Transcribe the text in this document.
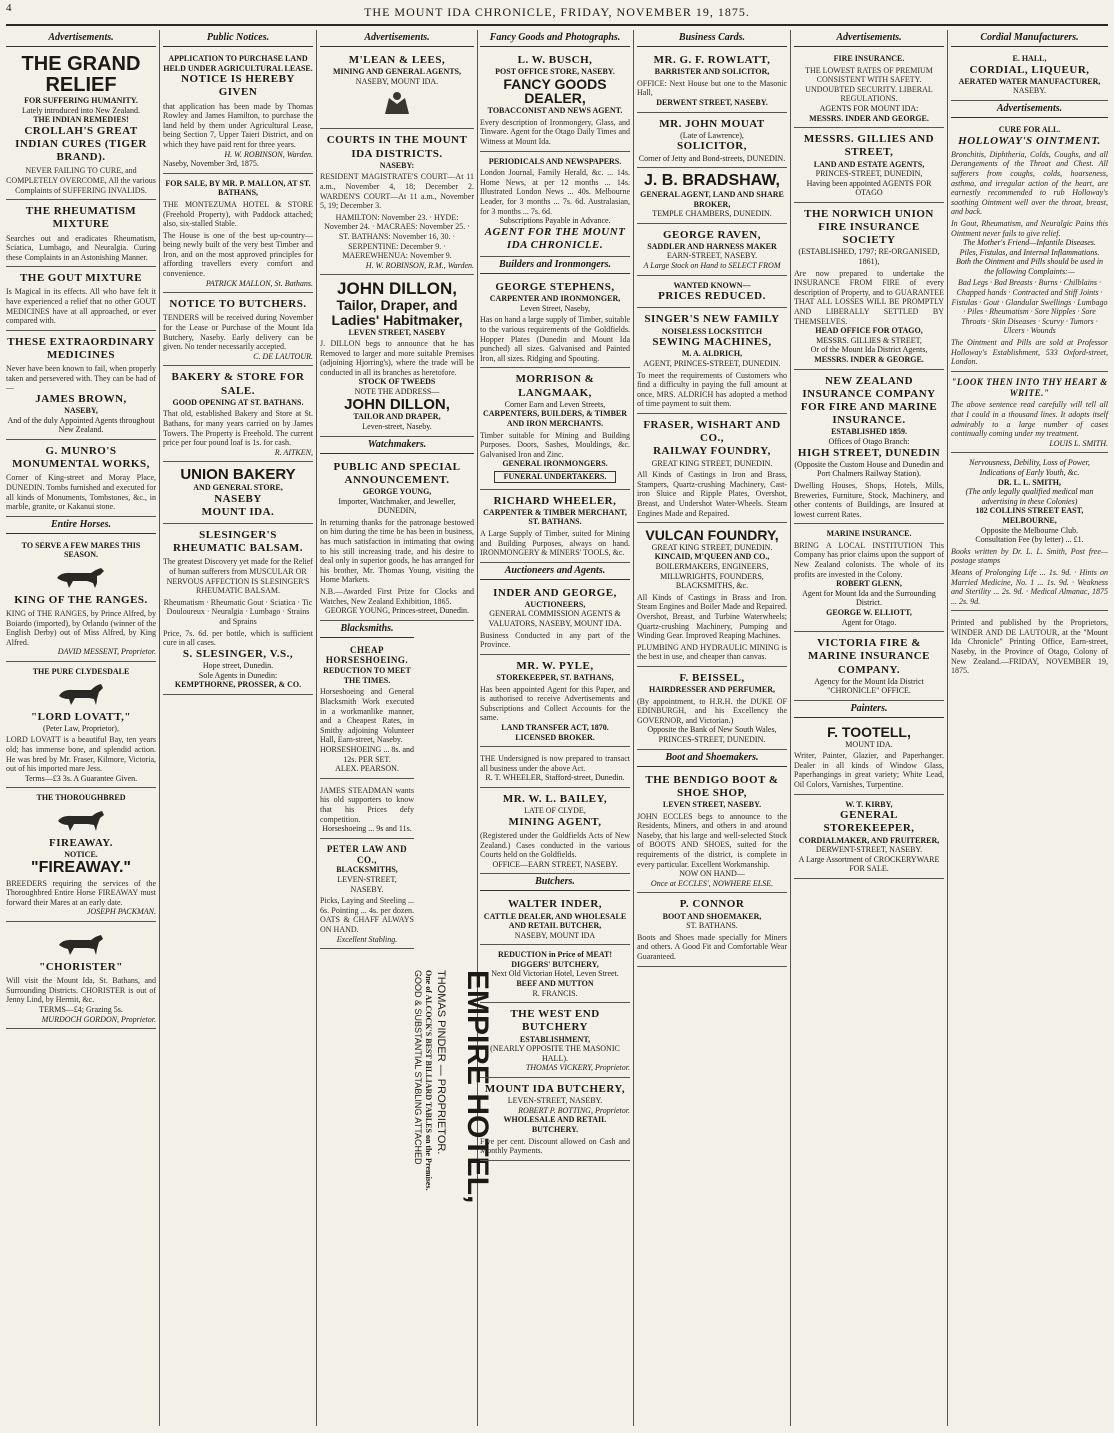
4	THE MOUNT IDA CHRONICLE, FRIDAY, NOVEMBER 19, 1875.
Advertisements.
THE GRAND RELIEF
FOR SUFFERING HUMANITY.
Lately introduced into New Zealand.
THE INDIAN REMEDIES!
CROLLAH'S GREAT INDIAN CURES (TIGER BRAND).
NEVER FAILING TO CURE, and COMPLETELY OVERCOME, All the various Complaints of SUFFERING INVALIDS.
THE RHEUMATISM MIXTURE
Searches out and eradicates Rheumatism, Sciatica, Lumbago, and Neuralgia. Curing these Complaints in an Astonishing Manner.
THE GOUT MIXTURE
Is Magical in its effects. All who have felt it have experienced a relief that no other GOUT MEDICINES have at all approached, or ever compared with.
THESE EXTRAORDINARY MEDICINES
Never have been known to fail, when properly taken and persevered with. They can be had of—
JAMES BROWN,
NASEBY,
And of the duly Appointed Agents throughout New Zealand.
G. MUNRO'S MONUMENTAL WORKS,
Corner of King-street and Moray Place, DUNEDIN. Tombs furnished and executed for all kinds of Monuments, Tombstones, &c., in marble, granite, or Kakanui stone.
Entire Horses.
TO SERVE A FEW MARES THIS SEASON.
KING OF THE RANGES.
KING of THE RANGES, by Prince Alfred, by Boiardo (imported), by Orlando (winner of the English Derby) out of Miss Alfred, by King Alfred.
DAVID MESSENT, Proprietor.
THE PURE CLYDESDALE
"LORD LOVATT,"
(Peter Law, Proprietor),
LORD LOVATT is a beautiful Bay, ten years old; has immense bone, and splendid action. He was bred by Mr. Fraser, Kilmore, Victoria, out of his imported mare Jess.
Terms—£3 3s. A Guarantee Given.
THE THOROUGHBRED
FIREAWAY.
NOTICE.
"FIREAWAY."
BREEDERS requiring the services of the Thoroughbred Entire Horse FIREAWAY must forward their Mares at an early date.
JOSEPH PACKMAN.
"CHORISTER"
Will visit the Mount Ida, St. Bathans, and Surrounding Districts. CHORISTER is out of Jenny Lind, by Hermit, &c.
TERMS—£4; Grazing 5s.
MURDOCH GORDON, Proprietor.
Public Notices.
APPLICATION TO PURCHASE LAND HELD UNDER AGRICULTURAL LEASE.
NOTICE IS HEREBY GIVEN
that application has been made by Thomas Rowley and James Hamilton, to purchase the land held by them under Agricultural Lease, being Section 7, Upper Taieri District, and on which they have paid rent for three years.
H. W. ROBINSON, Warden.
Naseby, November 3rd, 1875.
FOR SALE, BY MR. P. MALLON, AT ST. BATHANS,
THE MONTEZUMA HOTEL & STORE (Freehold Property), with Paddock attached; also, six-stalled Stable.
The House is one of the best up-country—being newly built of the very best Timber and Iron, and on the most approved principles for affording travellers every comfort and convenience.
PATRICK MALLON, St. Bathans.
NOTICE TO BUTCHERS.
TENDERS will be received during November for the Lease or Purchase of the Mount Ida Butchery, Naseby. Early delivery can be given. No tender necessarily accepted.
C. DE LAUTOUR.
BAKERY & STORE FOR SALE.
GOOD OPENING AT ST. BATHANS.
That old, established Bakery and Store at St. Bathans, for many years carried on by James Towers. The Property is Freehold. The current price per four pound loaf is 1s. for cash.
R. AITKEN,
UNION BAKERY
AND GENERAL STORE,
NASEBY
MOUNT IDA.
SLESINGER'S RHEUMATIC BALSAM.
The greatest Discovery yet made for the Relief of human sufferers from MUSCULAR OR NERVOUS AFFECTION IS SLESINGER'S RHEUMATIC BALSAM.
Rheumatism · Rheumatic Gout · Sciatica · Tic Douloureux · Neuralgia · Lumbago · Strains and Sprains
Price, 7s. 6d. per bottle, which is sufficient cure in all cases.
S. SLESINGER, V.S.,
Hope street, Dunedin.
Sole Agents in Dunedin:
KEMPTHORNE, PROSSER, & CO.
Advertisements.
M'LEAN & LEES,
MINING AND GENERAL AGENTS,
NASEBY, MOUNT IDA.
COURTS IN THE MOUNT IDA DISTRICTS.
NASEBY:
RESIDENT MAGISTRATE'S COURT—At 11 a.m., November 4, 18; December 2. WARDEN'S COURT—At 11 a.m., November 5, 19; December 3.
HAMILTON: November 23. · HYDE: November 24. · MACRAES: November 25. · ST. BATHANS: November 16, 30. · SERPENTINE: December 9. · MAEREWHENUA: November 9.
H. W. ROBINSON, R.M., Warden.
JOHN DILLON,
Tailor, Draper, and Ladies' Habitmaker,
LEVEN STREET, NASEBY
J. DILLON begs to announce that he has Removed to larger and more suitable Premises (adjoining Hjorring's), where the trade will be conducted in all its branches as heretofore.
STOCK OF TWEEDS
NOTE THE ADDRESS—
JOHN DILLON,
TAILOR AND DRAPER,
Leven-street, Naseby.
Watchmakers.
PUBLIC AND SPECIAL ANNOUNCEMENT.
GEORGE YOUNG,
Importer, Watchmaker, and Jeweller, DUNEDIN,
In returning thanks for the patronage bestowed on him during the time he has been in business, has much satisfaction in intimating that owing to his still increasing trade, and his desire to deal only in superior goods, he has arranged for his brother, Mr. Thomas Young, visiting the Home Markets.
N.B.—Awarded First Prize for Clocks and Watches, New Zealand Exhibition, 1865.
GEORGE YOUNG, Princes-street, Dunedin.
Blacksmiths.
CHEAP HORSESHOEING.
REDUCTION TO MEET THE TIMES.
Horseshoeing and General Blacksmith Work executed in a workmanlike manner, and a Cheapest Rates, in Smithy adjoining Volunteer Hall, Earn-street, Naseby.
HORSESHOEING ... 8s. and 12s. PER SET.
ALEX. PEARSON.
JAMES STEADMAN wants his old supporters to know that his Prices defy competition.
Horseshoeing ... 9s and 11s.
PETER LAW AND CO.,
BLACKSMITHS,
LEVEN-STREET, NASEBY.
Picks, Laying and Steeling ... 6s. Pointing ... 4s. per dozen. OATS & CHAFF ALWAYS ON HAND.
Excellent Stabling.
EMPIRE HOTEL,
THOMAS PINDER — PROPRIETOR.
One of ALCOCK'S BEST BILLIARD TABLES on the Premises.
GOOD & SUBSTANTIAL STABLING ATTACHED
Fancy Goods and Photographs.
L. W. BUSCH,
POST OFFICE STORE, NASEBY.
FANCY GOODS DEALER,
TOBACCONIST AND NEWS AGENT.
Every description of Ironmongery, Glass, and Tinware. Agent for the Otago Daily Times and Witness at Mount Ida.
PERIODICALS AND NEWSPAPERS.
London Journal, Family Herald, &c. ... 14s. Home News, at per 12 months ... 14s. Illustrated London News ... 40s. Melbourne Leader, for 3 months ... 7s. 6d. Australasian, for 3 months ... 7s. 6d.
Subscriptions Payable in Advance.
AGENT FOR THE MOUNT IDA CHRONICLE.
Builders and Ironmongers.
GEORGE STEPHENS,
CARPENTER AND IRONMONGER,
Leven Street, Naseby,
Has on hand a large supply of Timber, suitable to the various requirements of the Goldfields. Hopper Plates (Dunedin and Mount Ida punched) all sizes. Galvanised and Painted Iron, all sizes. Ridging and Spouting.
MORRISON & LANGMAAK,
Corner Earn and Leven Streets,
CARPENTERS, BUILDERS, & TIMBER AND IRON MERCHANTS.
Timber suitable for Mining and Building Purposes. Doors, Sashes, Mouldings, &c. Galvanised Iron and Zinc.
GENERAL IRONMONGERS.
FUNERAL UNDERTAKERS.
RICHARD WHEELER,
CARPENTER & TIMBER MERCHANT, ST. BATHANS.
A Large Supply of Timber, suited for Mining and Building Purposes, always on hand. IRONMONGERY & MINERS' TOOLS, &c.
Auctioneers and Agents.
INDER AND GEORGE,
AUCTIONEERS,
GENERAL COMMISSION AGENTS & VALUATORS, NASEBY, MOUNT IDA.
Business Conducted in any part of the Province.
MR. W. PYLE,
STOREKEEPER, ST. BATHANS,
Has been appointed Agent for this Paper, and is authorised to receive Advertisements and Subscriptions and Collect Accounts for the same.
LAND TRANSFER ACT, 1870.
LICENSED BROKER.
THE Undersigned is now prepared to transact all business under the above Act.
R. T. WHEELER, Stafford-street, Dunedin.
MR. W. L. BAILEY,
LATE OF CLYDE,
MINING AGENT,
(Registered under the Goldfields Acts of New Zealand.) Cases conducted in the various Courts held on the Goldfields.
OFFICE—EARN STREET, NASEBY.
Butchers.
WALTER INDER,
CATTLE DEALER, AND WHOLESALE AND RETAIL BUTCHER,
NASEBY, MOUNT IDA
REDUCTION in Price of MEAT!
DIGGERS' BUTCHERY,
Next Old Victorian Hotel, Leven Street.
BEEF AND MUTTON
R. FRANCIS.
THE WEST END BUTCHERY
ESTABLISHMENT,
(NEARLY OPPOSITE THE MASONIC HALL).
THOMAS VICKERY, Proprietor.
MOUNT IDA BUTCHERY,
LEVEN-STREET, NASEBY.
ROBERT P. BOTTING, Proprietor.
WHOLESALE AND RETAIL BUTCHERY.
Five per cent. Discount allowed on Cash and Monthly Payments.
Business Cards.
MR. G. F. ROWLATT,
BARRISTER AND SOLICITOR,
OFFICE: Next House but one to the Masonic Hall,
DERWENT STREET, NASEBY.
MR. JOHN MOUAT
(Late of Lawrence),
SOLICITOR,
Corner of Jetty and Bond-streets, DUNEDIN.
J. B. BRADSHAW,
GENERAL AGENT, LAND AND SHARE BROKER,
TEMPLE CHAMBERS, DUNEDIN.
GEORGE RAVEN,
SADDLER AND HARNESS MAKER
EARN-STREET, NASEBY.
A Large Stock on Hand to SELECT FROM
WANTED KNOWN—
PRICES REDUCED.
SINGER'S NEW FAMILY
NOISELESS LOCKSTITCH
SEWING MACHINES,
M. A. ALDRICH,
AGENT, PRINCES-STREET, DUNEDIN.
To meet the requirements of Customers who find a difficulty in paying the full amount at once, MRS. ALDRICH has adopted a method of time payment to suit them.
FRASER, WISHART AND CO.,
RAILWAY FOUNDRY,
GREAT KING STREET, DUNEDIN.
All Kinds of Castings in Iron and Brass, Stampers, Quartz-crushing Machinery, Cast-iron Sluice and Ripple Plates, Overshot, Breast, and Undershot Water-Wheels. Steam Engines Made and Repaired.
VULCAN FOUNDRY,
GREAT KING STREET, DUNEDIN.
KINCAID, M'QUEEN AND CO.,
BOILERMAKERS, ENGINEERS, MILLWRIGHTS, FOUNDERS, BLACKSMITHS, &c.
All Kinds of Castings in Brass and Iron. Steam Engines and Boiler Made and Repaired. Overshot, Breast, and Turbine Waterwheels; Quartz-crushing Machinery, Pumping and Winding Gear. Improved Reaping Machines.
PLUMBING AND HYDRAULIC MINING is the best in use, and cheaper than canvas.
F. BEISSEL,
HAIRDRESSER AND PERFUMER,
(By appointment, to H.R.H. the DUKE OF EDINBURGH, and his Excellency the GOVERNOR, and Victorian.)
Opposite the Bank of New South Wales, PRINCES-STREET, DUNEDIN.
Boot and Shoemakers.
THE BENDIGO BOOT & SHOE SHOP,
LEVEN STREET, NASEBY.
JOHN ECCLES begs to announce to the Residents, Miners, and others in and around Naseby, that his large and well-selected Stock of BOOTS AND SHOES, suited for the requirements of the district, is complete in every particular. Excellent Workmanship.
NOW ON HAND—
Once at ECCLES', NOWHERE ELSE.
P. CONNOR
BOOT AND SHOEMAKER,
ST. BATHANS.
Boots and Shoes made specially for Miners and others. A Good Fit and Comfortable Wear Guaranteed.
Advertisements.
FIRE INSURANCE.
THE LOWEST RATES OF PREMIUM CONSISTENT WITH SAFETY. UNDOUBTED SECURITY. LIBERAL REGULATIONS.
AGENTS FOR MOUNT IDA:
MESSRS. INDER AND GEORGE.
MESSRS. GILLIES AND STREET,
LAND AND ESTATE AGENTS,
PRINCES-STREET, DUNEDIN,
Having been appointed AGENTS FOR OTAGO
THE NORWICH UNION FIRE INSURANCE SOCIETY
(ESTABLISHED, 1797; RE-ORGANISED, 1861),
Are now prepared to undertake the INSURANCE FROM FIRE of every description of Property, and to GUARANTEE THAT ALL LOSSES WILL BE PROMPTLY AND LIBERALLY SETTLED BY THEMSELVES.
HEAD OFFICE FOR OTAGO,
MESSRS. GILLIES & STREET,
Or of the Mount Ida District Agents,
MESSRS. INDER & GEORGE.
NEW ZEALAND INSURANCE COMPANY
FOR FIRE AND MARINE INSURANCE.
ESTABLISHED 1859.
Offices of Otago Branch:
HIGH STREET, DUNEDIN
(Opposite the Custom House and Dunedin and Port Chalmers Railway Station).
Dwelling Houses, Shops, Hotels, Mills, Breweries, Furniture, Stock, Machinery, and other contents of Buildings, are Insured at lowest current Rates.
MARINE INSURANCE.
BRING A LOCAL INSTITUTION This Company has prior claims upon the support of New Zealand colonists. The whole of its profits are invested in the Colony.
ROBERT GLENN,
Agent for Mount Ida and the Surrounding District.
GEORGE W. ELLIOTT,
Agent for Otago.
VICTORIA FIRE & MARINE INSURANCE COMPANY.
Agency for the Mount Ida District "CHRONICLE" OFFICE.
Painters.
F. TOOTELL,
MOUNT IDA.
Writer, Painter, Glazier, and Paperhanger. Dealer in all kinds of Window Glass, Paperhangings in great variety; White Lead, Oil Colors, Varnishes, Turpentine.
W. T. KIRBY,
GENERAL STOREKEEPER,
CORDIALMAKER, AND FRUITERER,
DERWENT-STREET, NASEBY.
A Large Assortment of CROCKERYWARE FOR SALE.
Cordial Manufacturers.
E. HALL,
CORDIAL, LIQUEUR,
AERATED WATER MANUFACTURER,
NASEBY.
Advertisements.
CURE FOR ALL.
HOLLOWAY'S OINTMENT.
Bronchitis, Diphtheria, Colds, Coughs, and all Derangements of the Throat and Chest. All sufferers from coughs, colds, hoarseness, asthma, and irregular action of the heart, are earnestly recommended to rub Holloway's soothing Ointment well over the throat, breast, and back.
In Gout, Rheumatism, and Neuralgic Pains this Ointment never fails to give relief.
The Mother's Friend—Infantile Diseases.
Piles, Fistulas, and Internal Inflammations.
Both the Ointment and Pills should be used in the following Complaints:—
Bad Legs · Bad Breasts · Burns · Chilblains · Chapped hands · Contracted and Stiff Joints · Fistulas · Gout · Glandular Swellings · Lumbago · Piles · Rheumatism · Sore Nipples · Sore Throats · Skin Diseases · Scurvy · Tumors · Ulcers · Wounds
The Ointment and Pills are sold at Professor Holloway's Establishment, 533 Oxford-street, London.
"LOOK THEN INTO THY HEART & WRITE."
The above sentence read carefully will tell all that I could in a thousand lines. It adopts itself admirably to a large number of cases continually coming under my treatment.
LOUIS L. SMITH.
Nervousness, Debility, Loss of Power, Indications of Early Youth, &c.
DR. L. L. SMITH,
(The only legally qualified medical man advertising in these Colonies)
182 COLLINS STREET EAST, MELBOURNE,
Opposite the Melbourne Club.
Consultation Fee (by letter) ... £1.
Books written by Dr. L. L. Smith, Post free—postage stamps
Means of Prolonging Life ... 1s. 9d. · Hints on Married Medicine, No. 1 ... 1s. 9d. · Weakness and Sterility ... 2s. 9d. · Medical Almanac, 1875 ... 2s. 9d.
Printed and published by the Proprietors, WINDER AND DE LAUTOUR, at the "Mount Ida Chronicle" Printing Office, Earn-street, Naseby, in the Province of Otago, Colony of New Zealand.—FRIDAY, NOVEMBER 19, 1875.
